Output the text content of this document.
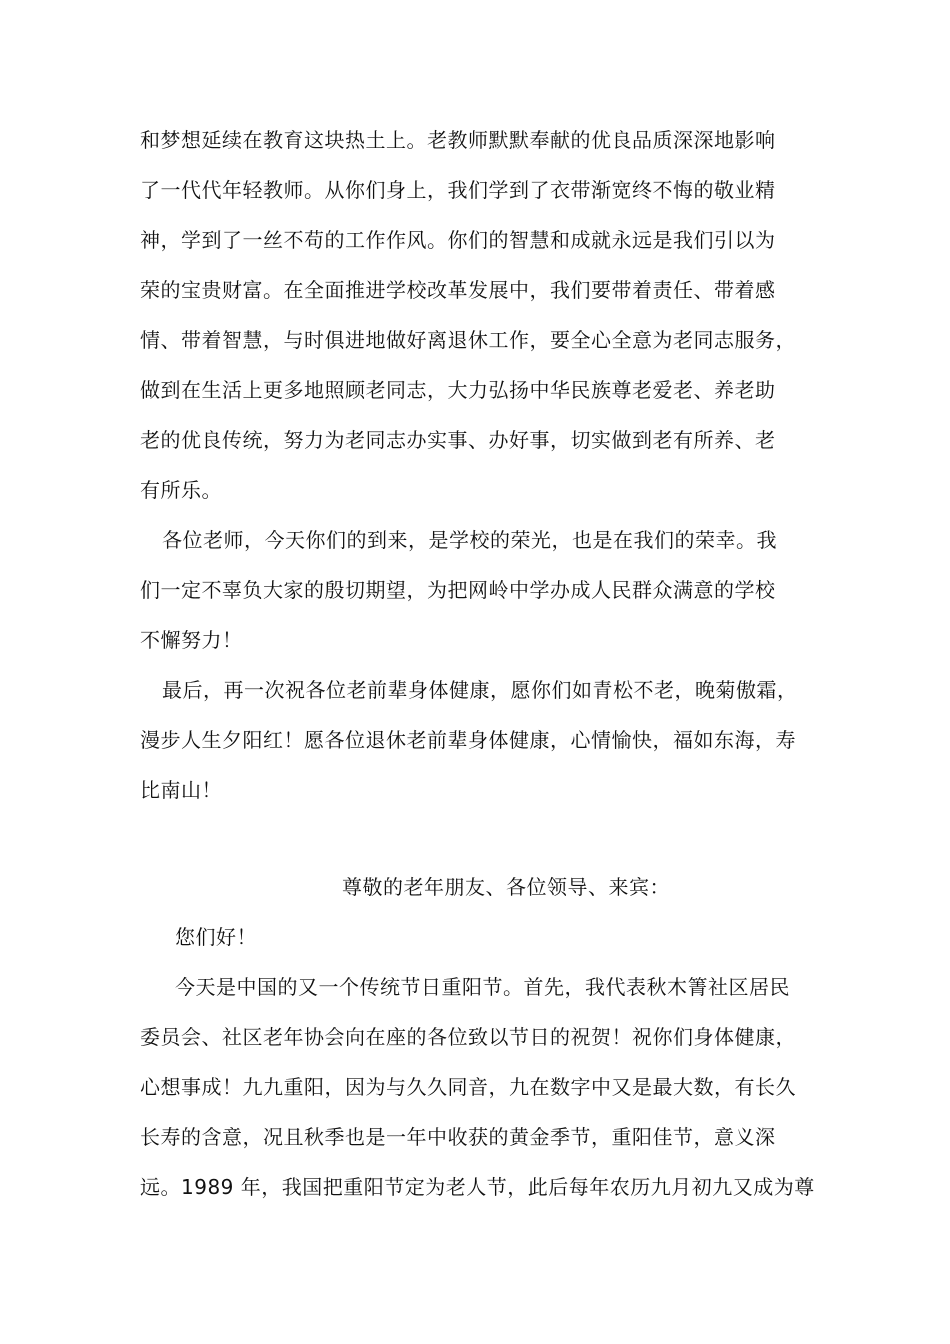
和梦想延续在教育这块热土上。老教师默默奉献的优良品质深深地影响
了一代代年轻教师。从你们身上，我们学到了衣带渐宽终不悔的敬业精
神，学到了一丝不苟的工作作风。你们的智慧和成就永远是我们引以为
荣的宝贵财富。在全面推进学校改革发展中，我们要带着责任、带着感
情、带着智慧，与时俱进地做好离退休工作，要全心全意为老同志服务，
做到在生活上更多地照顾老同志，大力弘扬中华民族尊老爱老、养老助
老的优良传统，努力为老同志办实事、办好事，切实做到老有所养、老
有所乐。
各位老师，今天你们的到来，是学校的荣光，也是在我们的荣幸。我
们一定不辜负大家的殷切期望，为把网岭中学办成人民群众满意的学校
不懈努力！
最后，再一次祝各位老前辈身体健康，愿你们如青松不老，晚菊傲霜，
漫步人生夕阳红！愿各位退休老前辈身体健康，心情愉快，福如东海，寿
比南山！
尊敬的老年朋友、各位领导、来宾：
您们好！
今天是中国的又一个传统节日重阳节。首先，我代表秋木箐社区居民
委员会、社区老年协会向在座的各位致以节日的祝贺！祝你们身体健康，
心想事成！九九重阳，因为与久久同音，九在数字中又是最大数，有长久
长寿的含意，况且秋季也是一年中收获的黄金季节，重阳佳节，意义深
远。1989 年，我国把重阳节定为老人节，此后每年农历九月初九又成为尊
